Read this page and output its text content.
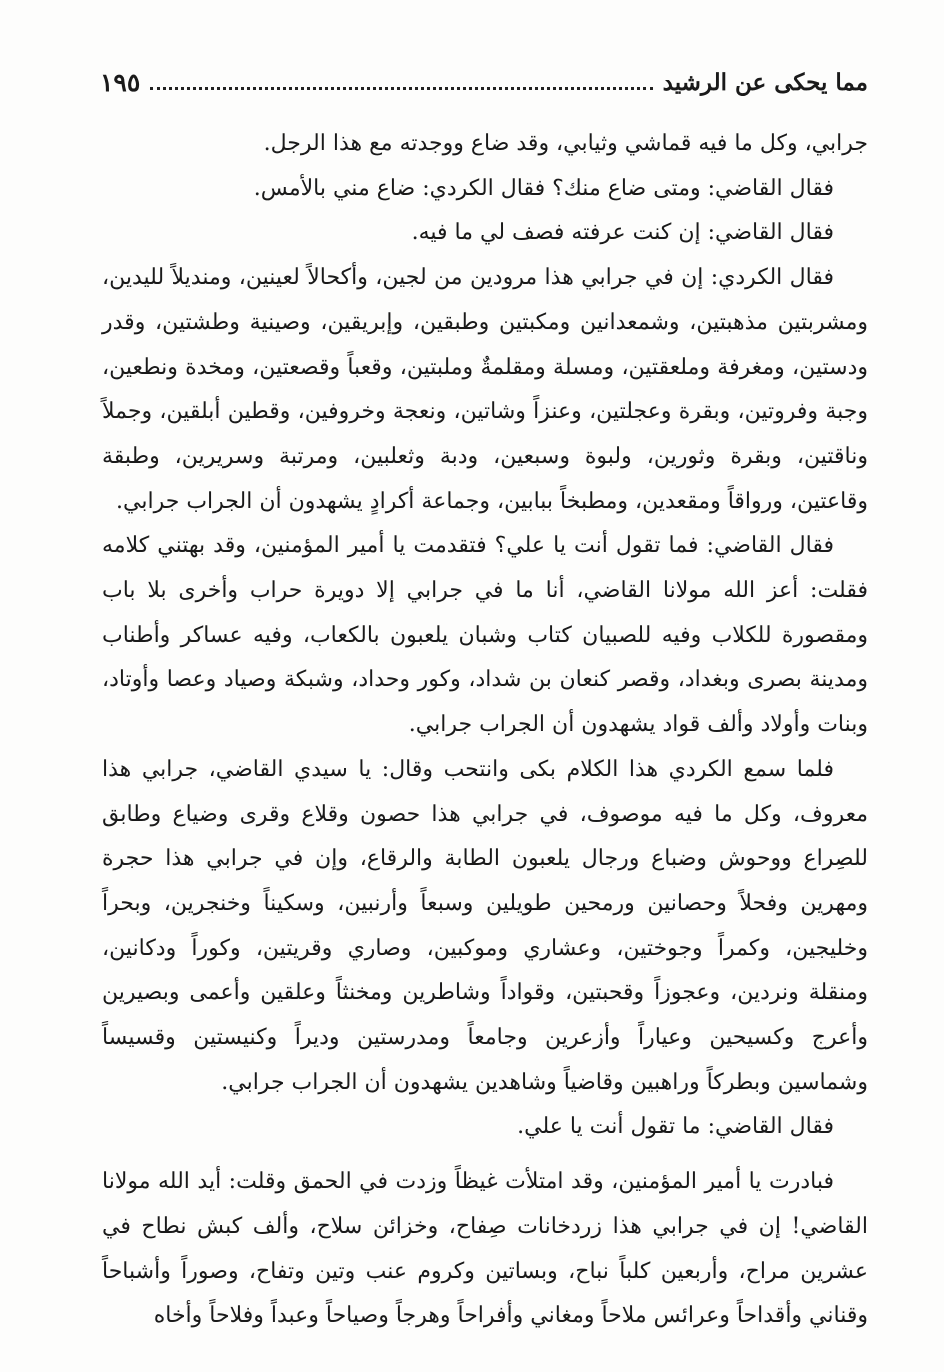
مما يحكى عن الرشيد
١٩٥

جرابي، وكل ما فيه قماشي وثيابي، وقد ضاع ووجدته مع هذا الرجل.

فقال القاضي: ومتى ضاع منك؟ فقال الكردي: ضاع مني بالأمس.

فقال القاضي: إن كنت عرفته فصف لي ما فيه.

فقال الكردي: إن في جرابي هذا مرودين من لجين، وأكحالاً لعينين، ومنديلاً لليدين، ومشربتين مذهبتين، وشمعدانين ومكبتين وطبقين، وإبريقين، وصينية وطشتين، وقدر ودستين، ومغرفة وملعقتين، ومسلة ومقلمةٌ وملبتين، وقعباً وقصعتين، ومخدة ونطعين، وجبة وفروتين، وبقرة وعجلتين، وعنزاً وشاتين، ونعجة وخروفين، وقطين أبلقين، وجملاً وناقتين، وبقرة وثورين، ولبوة وسبعين، ودبة وثعلبين، ومرتبة وسريرين، وطبقة وقاعتين، ورواقاً ومقعدين، ومطبخاً ببابين، وجماعة أكرادٍ يشهدون أن الجراب جرابي.

فقال القاضي: فما تقول أنت يا علي؟ فتقدمت يا أمير المؤمنين، وقد بهتني كلامه فقلت: أعز الله مولانا القاضي، أنا ما في جرابي إلا دويرة حراب وأخرى بلا باب ومقصورة للكلاب وفيه للصبيان كتاب وشبان يلعبون بالكعاب، وفيه عساكر وأطناب ومدينة بصرى وبغداد، وقصر كنعان بن شداد، وكور وحداد، وشبكة وصياد وعصا وأوتاد، وبنات وأولاد وألف قواد يشهدون أن الجراب جرابي.

فلما سمع الكردي هذا الكلام بكى وانتحب وقال: يا سيدي القاضي، جرابي هذا معروف، وكل ما فيه موصوف، في جرابي هذا حصون وقلاع وقرى وضياع وطابق للصِراع ووحوش وضباع ورجال يلعبون الطابة والرقاع، وإن في جرابي هذا حجرة ومهرين وفحلاً وحصانين ورمحين طويلين وسبعاً وأرنبين، وسكيناً وخنجرين، وبحراً وخليجين، وكمراً وجوختين، وعشاري وموكبين، وصاري وقريتين، وكوراً ودكانين، ومنقلة ونردين، وعجوزاً وقحبتين، وقواداً وشاطرين ومخنثاً وعلقين وأعمى وبصيرين وأعرج وكسيحين وعياراً وأزعرين وجامعاً ومدرستين وديراً وكنيستين وقسيساً وشماسين وبطركاً وراهبين وقاضياً وشاهدين يشهدون أن الجراب جرابي.

فقال القاضي: ما تقول أنت يا علي.

فبادرت يا أمير المؤمنين، وقد امتلأت غيظاً وزدت في الحمق وقلت: أيد الله مولانا القاضي! إن في جرابي هذا زردخانات صِفاح، وخزائن سلاح، وألف كبش نطاح في عشرين مراح، وأربعين كلباً نباح، وبساتين وكروم عنب وتين وتفاح، وصوراً وأشباحاً وقناني وأقداحاً وعرائس ملاحاً ومغاني وأفراحاً وهرجاً وصياحاً وعبداً وفلاحاً وأخاه
